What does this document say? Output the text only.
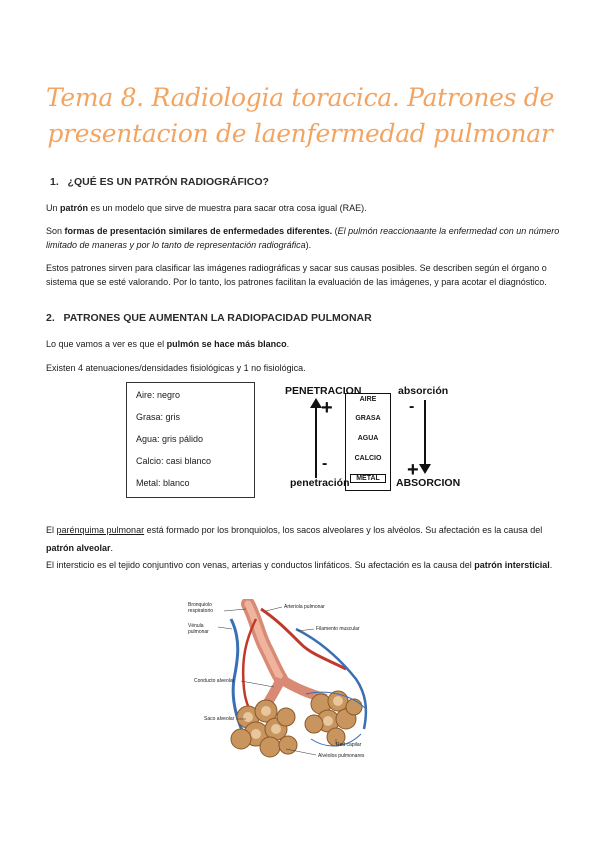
Tema 8. Radiologia toracica. Patrones de
presentacion de laenfermedad pulmonar
1. ¿QUÉ ES UN PATRÓN RADIOGRÁFICO?
Un patrón es un modelo que sirve de muestra para sacar otra cosa igual (RAE).
Son formas de presentación similares de enfermedades diferentes. (El pulmón reaccionaante la enfermedad con un número limitado de maneras y por lo tanto de representación radiográfica).
Estos patrones sirven para clasificar las imágenes radiográficas y sacar sus causas posibles. Se describen según el órgano o sistema que se esté valorando. Por lo tanto, los patrones facilitan la evaluación de las imágenes, y para acotar el diagnóstico.
2. PATRONES QUE AUMENTAN LA RADIOPACIDAD PULMONAR
Lo que vamos a ver es que el pulmón se hace más blanco.
Existen 4 atenuaciones/densidades fisiológicas y 1 no fisiológica.
Aire: negro
Grasa: gris
Agua: gris pálido
Calcio: casi blanco
Metal: blanco
PENETRACION	absorción
penetración	ABSORCION
+
-	+
-
AIRE
GRASA
AGUA
CALCIO
METAL
El parénquima pulmonar está formado por los bronquiolos, los sacos alveolares y los alvéolos. Su afectación es la causa del patrón alveolar.
El intersticio es el tejido conjuntivo con venas, arterias y conductos linfáticos. Su afectación es la causa del patrón intersticial.
Bronquiolo respiratorio
Vénula pulmonar
Conducto alveolar
Saco alveolar
Arteriola pulmonar
Filamento muscular
Red capilar
Alvéolos pulmonares
